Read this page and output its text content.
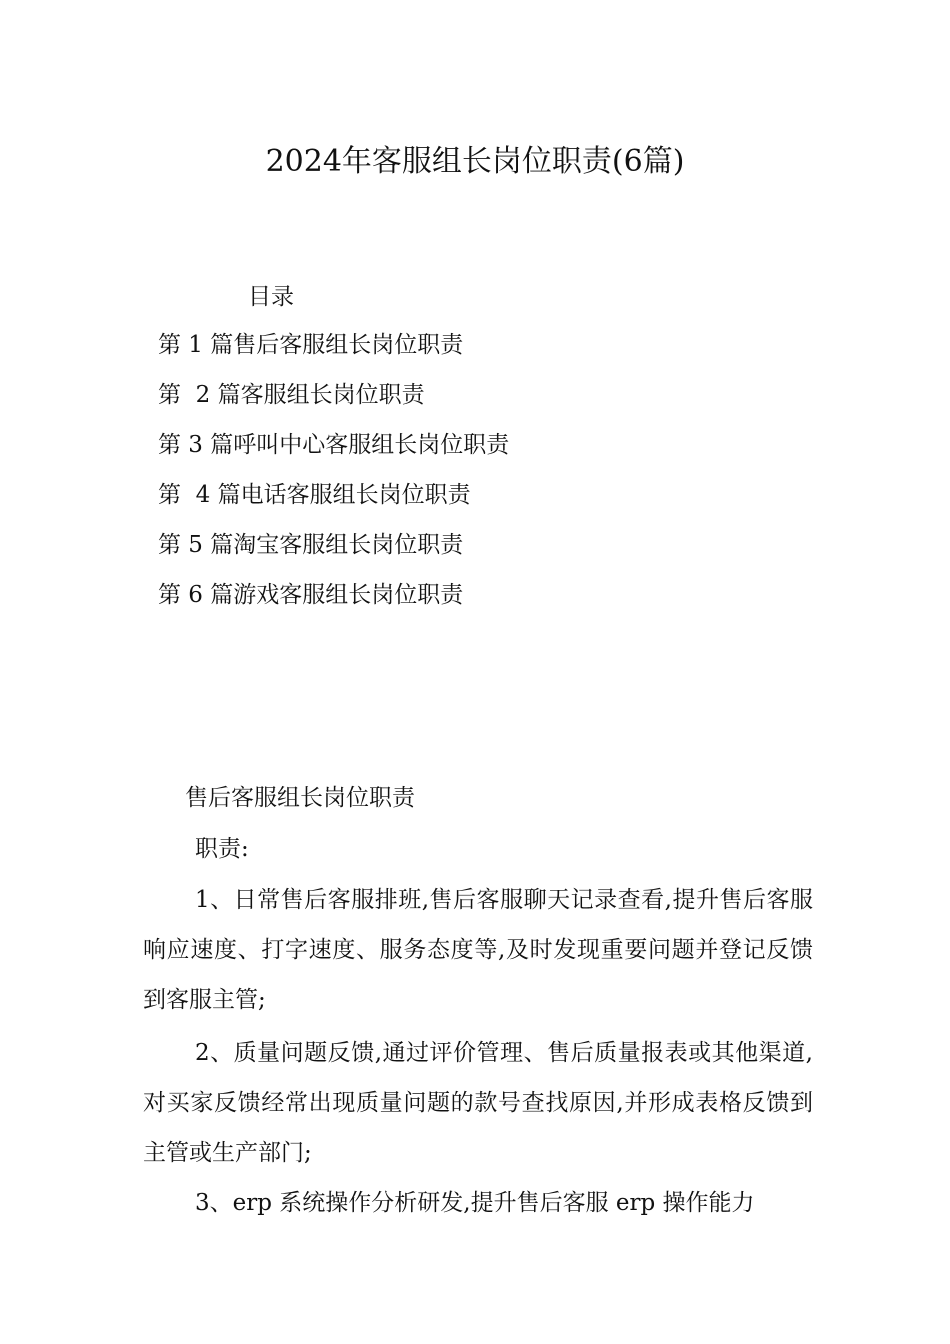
2024年客服组长岗位职责(6篇)
目录
第 1 篇售后客服组长岗位职责
第  2 篇客服组长岗位职责
第 3 篇呼叫中心客服组长岗位职责
第  4 篇电话客服组长岗位职责
第 5 篇淘宝客服组长岗位职责
第 6 篇游戏客服组长岗位职责
售后客服组长岗位职责
职责:

1、日常售后客服排班,售后客服聊天记录查看,提升售后客服响应速度、打字速度、服务态度等,及时发现重要问题并登记反馈到客服主管;

2、质量问题反馈,通过评价管理、售后质量报表或其他渠道,对买家反馈经常出现质量问题的款号查找原因,并形成表格反馈到主管或生产部门;

3、erp 系统操作分析研发,提升售后客服 erp 操作能力
